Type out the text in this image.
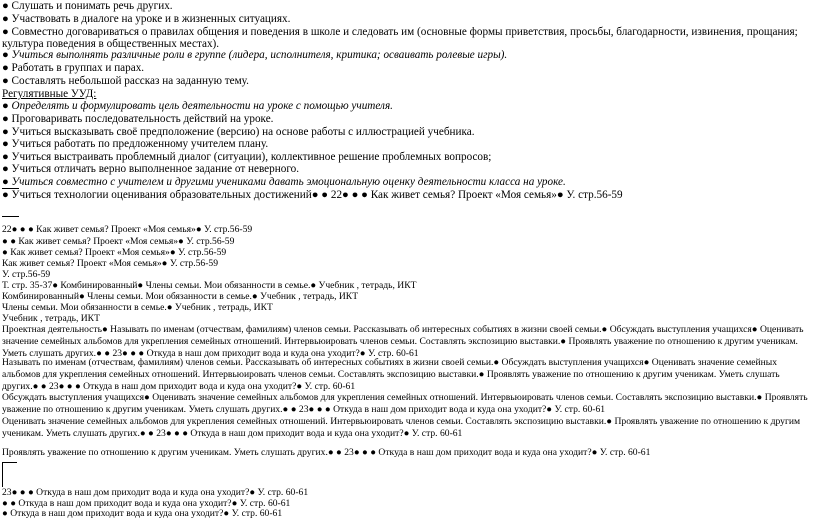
● Слушать и понимать речь других.
● Участвовать в диалоге на уроке и в жизненных ситуациях.
● Совместно договариваться о правилах общения и поведения в школе и следовать им (основные формы приветствия, просьбы, благодарности, извинения, прощания; культура поведения в общественных местах).
● Учиться выполнять различные роли в группе (лидера, исполнителя, критика; осваивать ролевые игры).
● Работать в группах и парах.
● Составлять небольшой рассказ на заданную тему.
Регулятивные УУД:
● Определять и формулировать цель деятельности на уроке с помощью учителя.
● Проговаривать последовательность действий на уроке.
● Учиться высказывать своё предположение (версию) на основе работы с иллюстрацией учебника.
● Учиться работать по предложенному учителем плану.
● Учиться выстраивать проблемный диалог (ситуации), коллективное решение проблемных вопросов;
● Учиться отличать верно выполненное задание от неверного.
● Учиться совместно с учителем и другими учениками давать эмоциональную оценку деятельности класса на уроке.
● Учиться технологии оценивания образовательных достижений● ● 22● ● ● Как живет семья? Проект «Моя семья»● У. стр.56-59
22● ● ● Как живет семья? Проект «Моя семья»● У. стр.56-59
● ● Как живет семья? Проект «Моя семья»● У. стр.56-59
● Как живет семья? Проект «Моя семья»● У. стр.56-59
Как живет семья? Проект «Моя семья»● У. стр.56-59
У. стр.56-59
Т. стр. 35-37● Комбинированный● Члены семьи. Мои обязанности в семье.● Учебник , тетрадь, ИКТ
Комбинированный● Члены семьи. Мои обязанности в семье.● Учебник , тетрадь, ИКТ
Члены семьи. Мои обязанности в семье.● Учебник , тетрадь, ИКТ
Учебник , тетрадь, ИКТ
Проектная деятельность● Называть по именам (отчествам, фамилиям) членов семьи. Рассказывать об интересных событиях в жизни своей семьи.● Обсуждать выступления учащихся● Оценивать значение семейных альбомов для укрепления семейных отношений. Интервьюировать членов семьи. Составлять экспозицию выставки.● Проявлять уважение по отношению к другим ученикам. Уметь слушать других.● ● 23● ● ● Откуда в наш дом приходит вода и куда она уходит?● У. стр. 60-61
Называть по именам (отчествам, фамилиям) членов семьи. Рассказывать об интересных событиях в жизни своей семьи.● Обсуждать выступления учащихся● Оценивать значение семейных альбомов для укрепления семейных отношений. Интервьюировать членов семьи. Составлять экспозицию выставки.● Проявлять уважение по отношению к другим ученикам. Уметь слушать других.● ● 23● ● ● Откуда в наш дом приходит вода и куда она уходит?● У. стр. 60-61
Обсуждать выступления учащихся● Оценивать значение семейных альбомов для укрепления семейных отношений. Интервьюировать членов семьи. Составлять экспозицию выставки.● Проявлять уважение по отношению к другим ученикам. Уметь слушать других.● ● 23● ● ● Откуда в наш дом приходит вода и куда она уходит?● У. стр. 60-61
Оценивать значение семейных альбомов для укрепления семейных отношений. Интервьюировать членов семьи. Составлять экспозицию выставки.● Проявлять уважение по отношению к другим ученикам. Уметь слушать других.● ● 23● ● ● Откуда в наш дом приходит вода и куда она уходит?● У. стр. 60-61
Проявлять уважение по отношению к другим ученикам. Уметь слушать других.● ● 23● ● ● Откуда в наш дом приходит вода и куда она уходит?● У. стр. 60-61
23● ● ● Откуда в наш дом приходит вода и куда она уходит?● У. стр. 60-61
● ● Откуда в наш дом приходит вода и куда она уходит?● У. стр. 60-61
● Откуда в наш дом приходит вода и куда она уходит?● У. стр. 60-61
